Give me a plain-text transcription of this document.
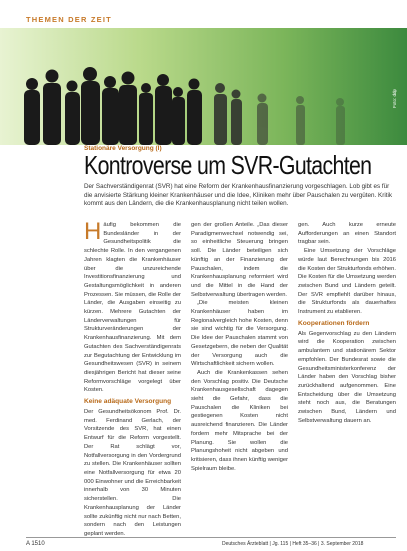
THEMEN DER ZEIT
Foto: ddp
Stationäre Versorgung (I)
Kontroverse um SVR-Gutachten
Der Sachverständigenrat (SVR) hat eine Reform der Krankenhausfinanzierung vorgeschlagen. Lob gibt es für die anvisierte Stärkung kleiner Krankenhäuser und die Idee, Kliniken mehr über Pauschalen zu vergüten. Kritik kommt aus den Ländern, die die Krankenhausplanung nicht teilen wollen.

H äufig bekommen die Bundesländer in der Gesundheitspolitik die schlechte Rolle. In den vergangenen Jahren klagten die Krankenhäuser über die unzureichende Investitionsfinanzierung und Gestaltungsmöglichkeit in anderen Prozessen. Sie müssen, die Rolle der Länder, die Ausgaben einseitig zu kürzen. Mehrere Gutachten der Länderverwaltungen für Strukturveränderungen der Krankenhausfinanzierung. Mit dem Gutachten des Sachverständigenrats zur Begutachtung der Entwicklung im Gesundheitswesen (SVR) in seinem diesjährigen Bericht hat dieser seine Reformvorschläge vorgelegt über Kosten.

Keine adäquate Versorgung

Der Gesundheitsökonom Prof. Dr. med. Ferdinand Gerlach, der Vorsitzende des SVR, hat einen Entwurf für die Reform vorgestellt. Der Rat schlägt vor, Notfallversorgung in den Vordergrund zu stellen. Die Krankenhäuser sollten eine Notfallversorgung für etwa 20 000 Einwohner und die Erreichbarkeit innerhalb von 30 Minuten sicherstellen. Die Krankenhausplanung der Länder sollte zukünftig nicht nur nach Betten, sondern nach den Leistungen geplant werden.

gen der großen Anteile. „Das dieser Paradigmenwechsel notwendig sei, so einheitliche Steuerung bringen soll. Die Länder beteiligen sich künftig an der Finanzierung der Pauschalen, indem die Krankenhausplanung reformiert wird und die Mittel in die Hand der Selbstverwaltung übertragen werden.

„Die meisten kleinen Krankenhäuser haben im Regionalvergleich hohe Kosten, denn sie sind wichtig für die Versorgung. Die Idee der Pauschalen stammt von Gesetzgebern, die neben der Qualität der Versorgung auch die Wirtschaftlichkeit sichern wollen.

Auch die Krankenkassen sehen den Vorschlag positiv. Die Deutsche Krankenhausgesellschaft dagegen sieht die Gefahr, dass die Pauschalen die Kliniken bei gestiegenen Kosten nicht ausreichend finanzieren. Die Länder fordern mehr Mitsprache bei der Planung. Sie wollen die Planungshoheit nicht abgeben und kritisieren, dass ihnen künftig weniger Spielraum bleibe.

gen. Auch kurze erneute Aufforderungen an einen Standort tragbar sein.

Eine Umsetzung der Vorschläge würde laut Berechnungen bis 2016 die Kosten der Strukturfonds erhöhen. Die Kosten für die Umsetzung werden zwischen Bund und Ländern geteilt. Der SVR empfiehlt darüber hinaus, die Strukturfonds als dauerhaftes Instrument zu etablieren.

Kooperationen fördern

Als Gegenvorschlag zu den Ländern wird die Kooperation zwischen ambulantem und stationärem Sektor empfohlen. Der Bundesrat sowie die Gesundheitsministerkonferenz der Länder haben den Vorschlag bisher zurückhaltend aufgenommen. Eine Entscheidung über die Umsetzung steht noch aus, die Beratungen zwischen Bund, Ländern und Selbstverwaltung dauern an.

A 1510	Deutsches Ärzteblatt | Jg. 115 | Heft 35–36 | 3. September 2018
